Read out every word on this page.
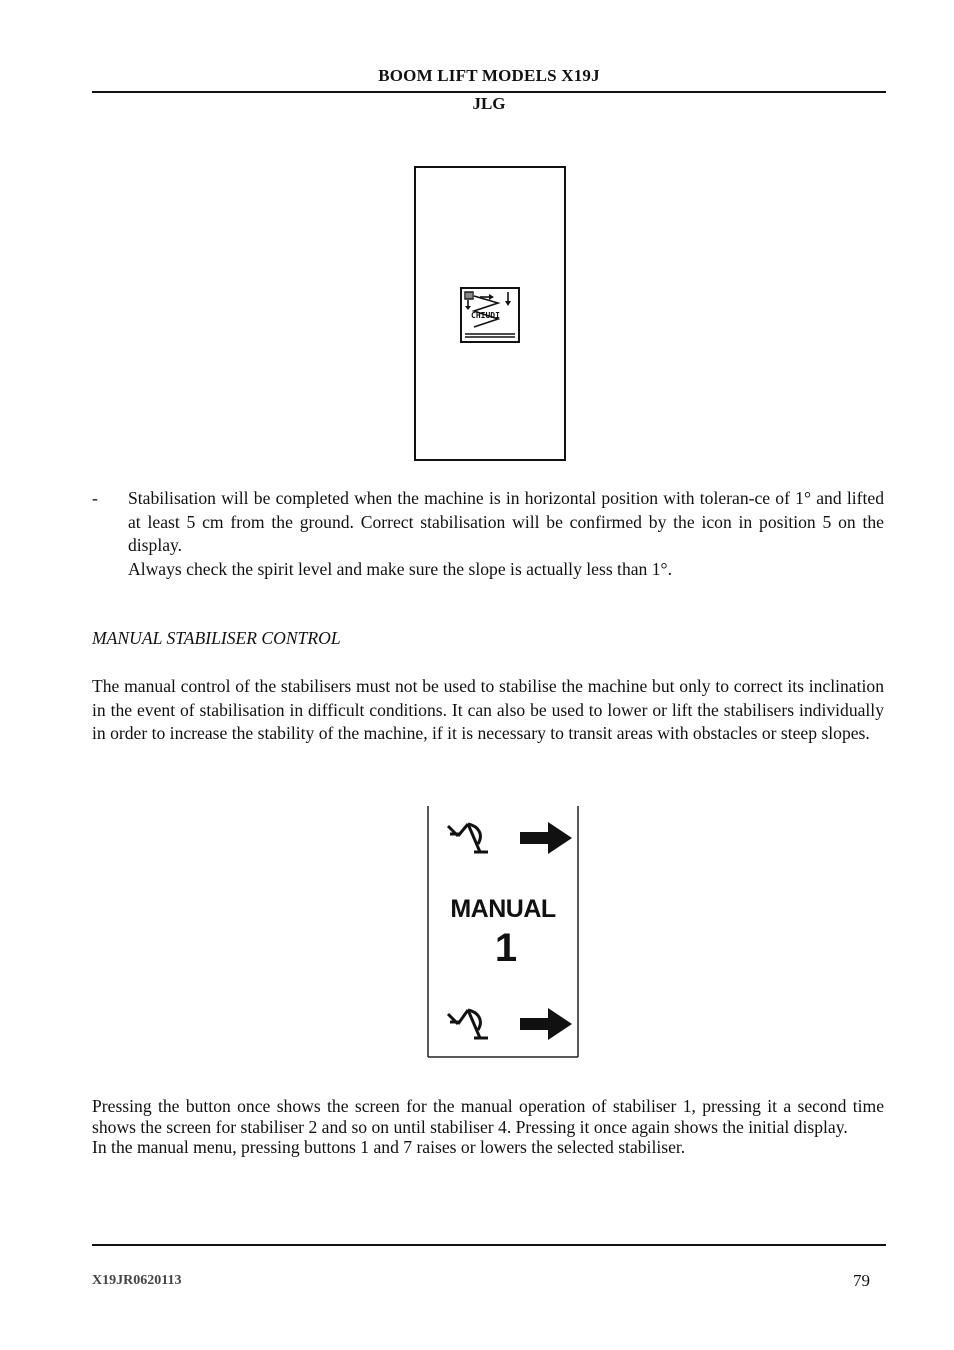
BOOM LIFT MODELS X19J
JLG
CHIUDI
- Stabilisation will be completed when the machine is in horizontal position with toleran-ce of 1° and lifted at least 5 cm from the ground. Correct stabilisation will be confirmed by the icon in position 5 on the display.
Always check the spirit level and make sure the slope is actually less than 1°.
MANUAL STABILISER CONTROL
The manual control of the stabilisers must not be used to stabilise the machine but only to correct its inclination in the event of stabilisation in difficult conditions. It can also be used to lower or lift the stabilisers individually in order to increase the stability of the machine, if it is necessary to transit areas with obstacles or steep slopes.
MANUAL
1
Pressing the button once shows the screen for the manual operation of stabiliser 1, pressing it a second time shows the screen for stabiliser 2 and so on until stabiliser 4. Pressing it once again shows the initial display.
In the manual menu, pressing buttons 1 and 7 raises or lowers the selected stabiliser.
X19JR0620113	79
